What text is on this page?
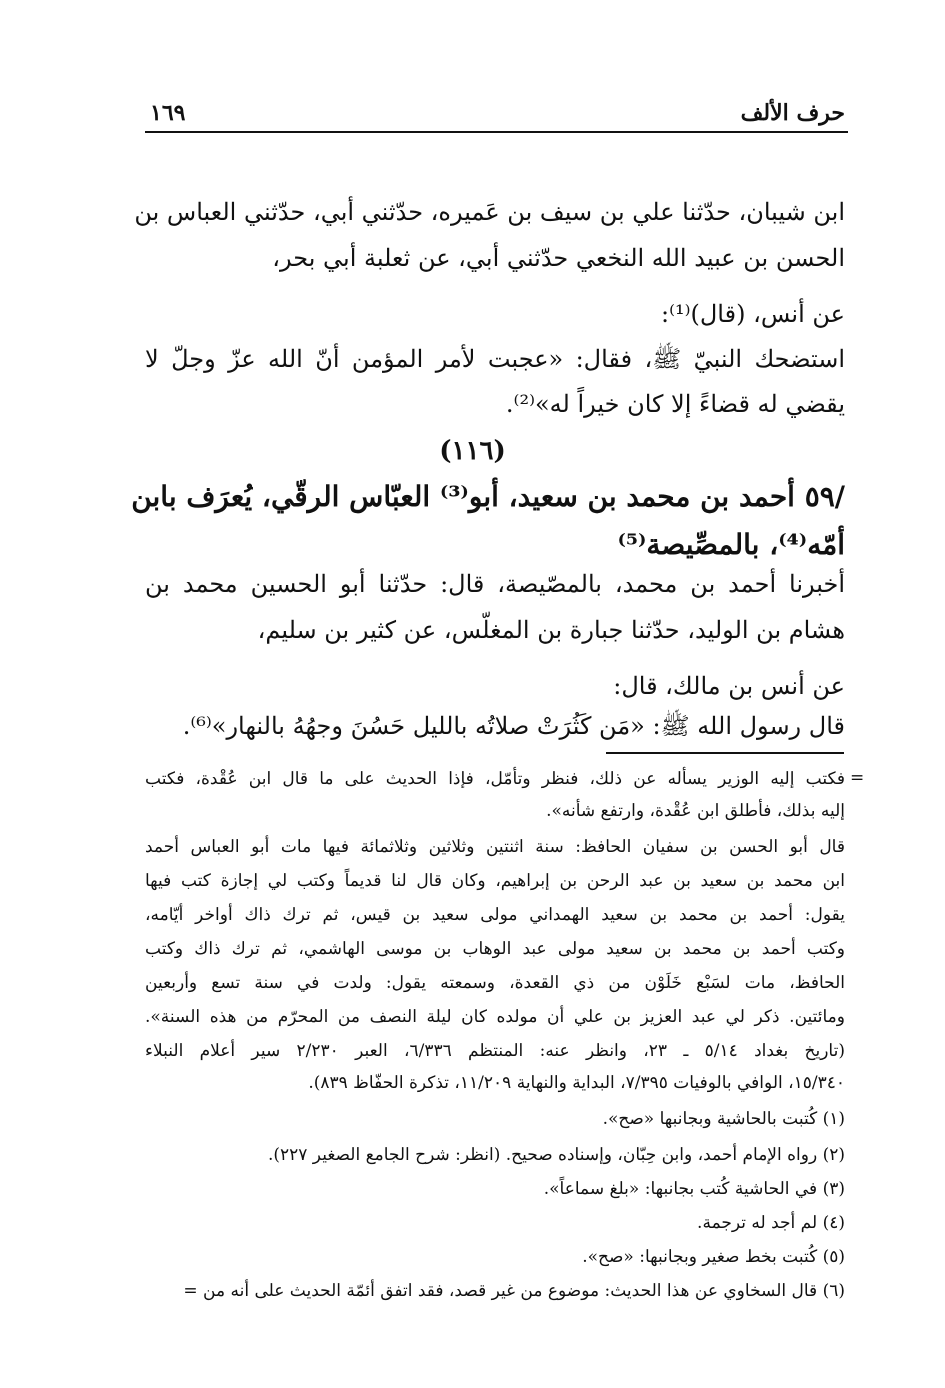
حرف الألف
١٦٩
ابن شيبان، حدّثنا علي بن سيف بن عَميره، حدّثني أبي، حدّثني العباس بن
الحسن بن عبيد الله النخعي حدّثني أبي، عن ثعلبة أبي بحر،
عن أنس، (قال)⁽¹⁾:
استضحك النبيّ ﷺ، فقال: «عجبت لأمر المؤمن أنّ الله عزّ وجلّ لا
يقضي له قضاءً إلا كان خيراً له»⁽²⁾.
(١١٦)
/٥٩ أحمد بن محمد بن سعيد، أبو⁽³⁾ العبّاس الرقّي، يُعرَف بابن
أمّه⁽⁴⁾، بالمصِّيصة⁽⁵⁾
أخبرنا أحمد بن محمد، بالمصّيصة، قال: حدّثنا أبو الحسين محمد بن
هشام بن الوليد، حدّثنا جبارة بن المغلّس، عن كثير بن سليم،
عن أنس بن مالك، قال:
قال رسول الله ﷺ: «مَن كَثُرَتْ صلاتُه بالليل حَسُنَ وجهُهُ بالنهار»⁽⁶⁾.
=
فكتب إليه الوزير يسأله عن ذلك، فنظر وتأمّل، فإذا الحديث على ما قال ابن عُقْدة، فكتب
إليه بذلك، فأطلق ابن عُقْدة، وارتفع شأنه».
قال أبو الحسن بن سفيان الحافظ: سنة اثنتين وثلاثين وثلاثمائة فيها مات أبو العباس أحمد
ابن محمد بن سعيد بن عبد الرحن بن إبراهيم، وكان قال لنا قديماً وكتب لي إجازة كتب فيها
يقول: أحمد بن محمد بن سعيد الهمداني مولى سعيد بن قيس، ثم ترك ذاك أواخر أيّامه،
وكتب أحمد بن محمد بن سعيد مولى عبد الوهاب بن موسى الهاشمي، ثم ترك ذاك وكتب
الحافظ، مات لسَبْع خَلَوْن من ذي القعدة، وسمعته يقول: ولدت في سنة تسع وأربعين
ومائتين. ذكر لي عبد العزيز بن علي أن مولده كان ليلة النصف من المحرّم من هذه السنة».
(تاريخ بغداد ٥/١٤ ـ ٢٣، وانظر عنه: المنتظم ٦/٣٣٦، العبر ٢/٢٣٠ سير أعلام النبلاء
١٥/٣٤٠، الوافي بالوفيات ٧/٣٩٥، البداية والنهاية ١١/٢٠٩، تذكرة الحفّاظ ٨٣٩).
(١) كُتبت بالحاشية وبجانبها «صح».
(٢) رواه الإمام أحمد، وابن حِبّان، وإسناده صحيح. (انظر: شرح الجامع الصغير ٢٢٧).
(٣) في الحاشية كُتب بجانبها: «بلغ سماعاً».
(٤) لم أجد له ترجمة.
(٥) كُتبت بخط صغير وبجانبها: «صح».
(٦) قال السخاوي عن هذا الحديث: موضوع من غير قصد، فقد اتفق أئمّة الحديث على أنه من =
